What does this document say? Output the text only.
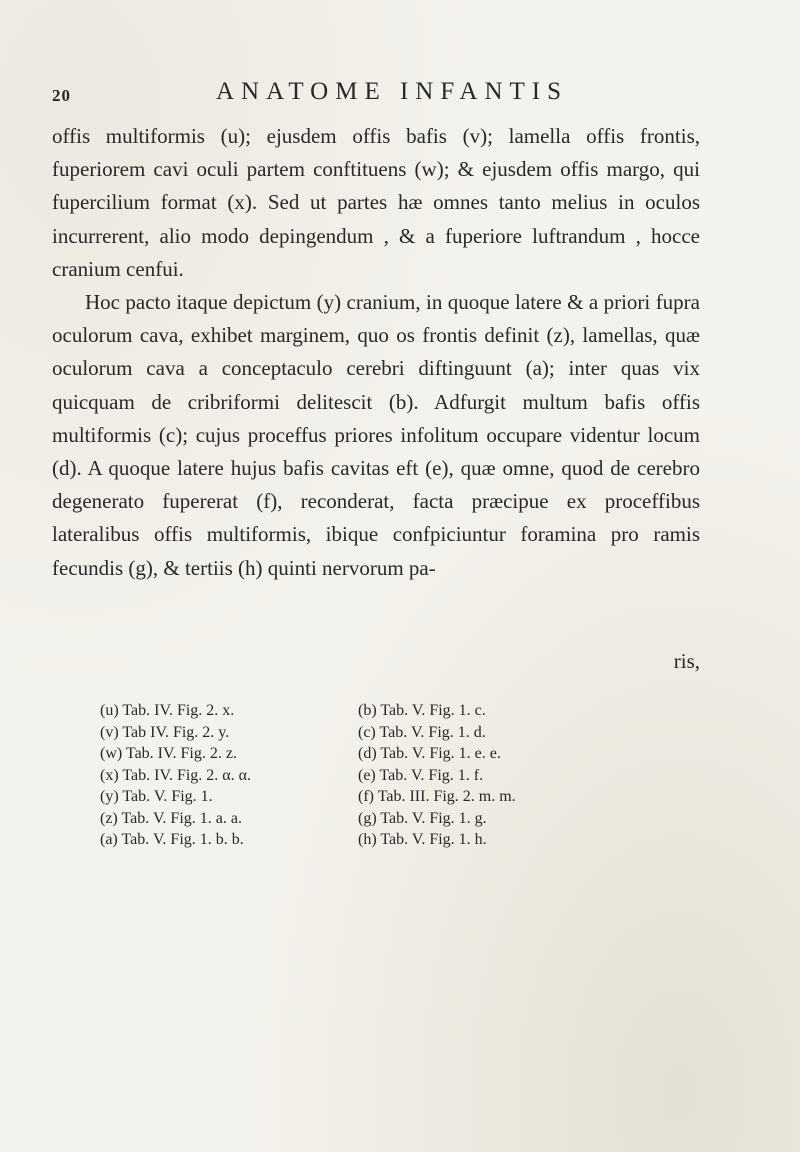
20	ANATOME INFANTIS

offis multiformis (u); ejusdem offis bafis (v); lamella offis frontis, fuperiorem cavi oculi partem conftituens (w); & ejusdem offis margo, qui fupercilium format (x). Sed ut partes hæ omnes tanto melius in oculos incurrerent, alio modo depingendum , & a fuperiore luftrandum , hocce cranium cenfui.

Hoc pacto itaque depictum (y) cranium, in quoque latere & a priori fupra oculorum cava, exhibet marginem, quo os frontis definit (z), lamellas, quæ oculorum cava a conceptaculo cerebri diftinguunt (a); inter quas vix quicquam de cribriformi delitescit (b). Adfurgit multum bafis offis multiformis (c); cujus proceffus priores infolitum occupare videntur locum (d). A quoque latere hujus bafis cavitas eft (e), quæ omne, quod de cerebro degenerato fupererat (f), reconderat, facta præcipue ex proceffibus lateralibus offis multiformis, ibique confpiciuntur foramina pro ramis fecundis (g), & tertiis (h) quinti nervorum pa-

ris,
(u) Tab. IV. Fig. 2. x.
(v) Tab IV. Fig. 2. y.
(w) Tab. IV. Fig. 2. z.
(x) Tab. IV. Fig. 2. α. α.
(y) Tab. V. Fig. 1.
(z) Tab. V. Fig. 1. a. a.
(a) Tab. V. Fig. 1. b. b.
(b) Tab. V. Fig. 1. c.
(c) Tab. V. Fig. 1. d.
(d) Tab. V. Fig. 1. e. e.
(e) Tab. V. Fig. 1. f.
(f) Tab. III. Fig. 2. m. m.
(g) Tab. V. Fig. 1. g.
(h) Tab. V. Fig. 1. h.
